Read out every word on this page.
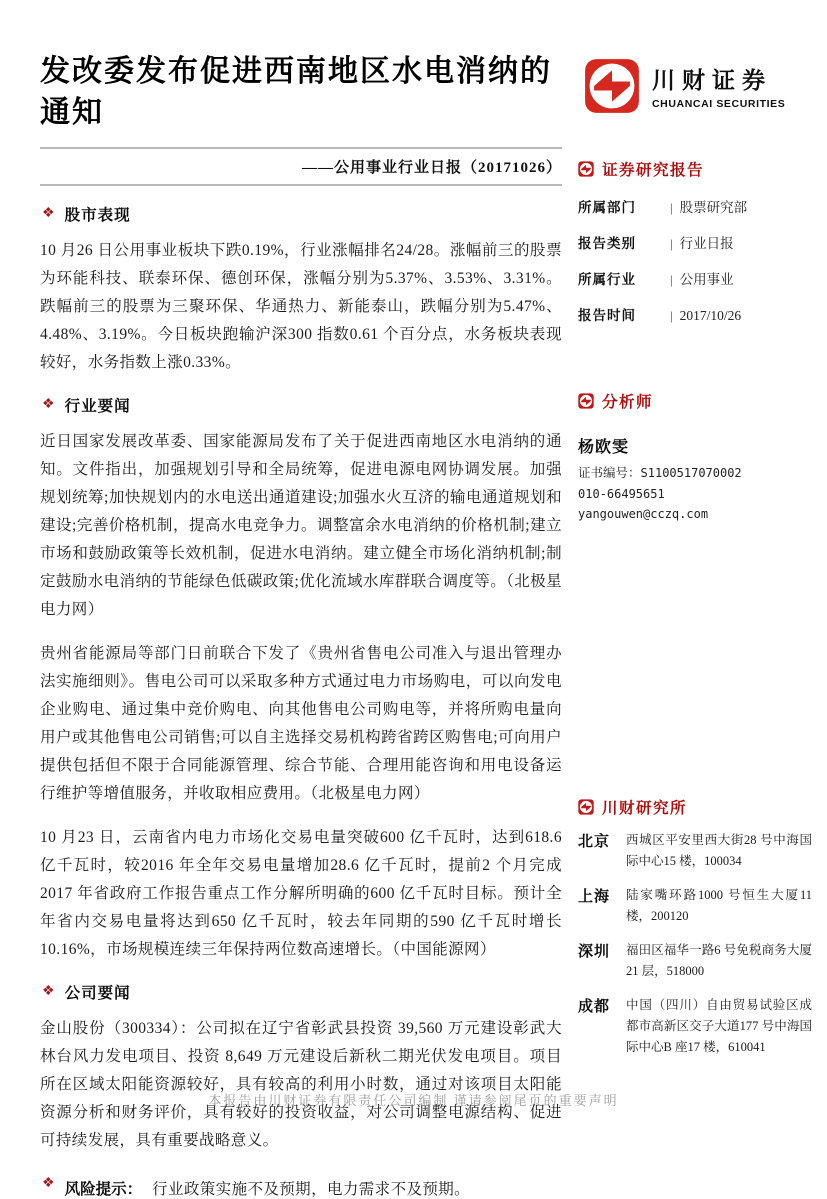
发改委发布促进西南地区水电消纳的通知
——公用事业行业日报（20171026）
❖ 股市表现

10 月26 日公用事业板块下跌0.19%，行业涨幅排名24/28。涨幅前三的股票为环能科技、联泰环保、德创环保，涨幅分别为5.37%、3.53%、3.31%。跌幅前三的股票为三聚环保、华通热力、新能泰山，跌幅分别为5.47%、4.48%、3.19%。今日板块跑输沪深300 指数0.61 个百分点，水务板块表现较好，水务指数上涨0.33%。

❖ 行业要闻

近日国家发展改革委、国家能源局发布了关于促进西南地区水电消纳的通知。文件指出，加强规划引导和全局统筹，促进电源电网协调发展。加强规划统筹;加快规划内的水电送出通道建设;加强水火互济的输电通道规划和建设;完善价格机制，提高水电竞争力。调整富余水电消纳的价格机制;建立市场和鼓励政策等长效机制，促进水电消纳。建立健全市场化消纳机制;制定鼓励水电消纳的节能绿色低碳政策;优化流域水库群联合调度等。（北极星电力网）

贵州省能源局等部门日前联合下发了《贵州省售电公司准入与退出管理办法实施细则》。售电公司可以采取多种方式通过电力市场购电，可以向发电企业购电、通过集中竞价购电、向其他售电公司购电等，并将所购电量向用户或其他售电公司销售;可以自主选择交易机构跨省跨区购售电;可向用户提供包括但不限于合同能源管理、综合节能、合理用能咨询和用电设备运行维护等增值服务，并收取相应费用。（北极星电力网）

10 月23 日，云南省内电力市场化交易电量突破600 亿千瓦时，达到618.6 亿千瓦时，较2016 年全年交易电量增加28.6 亿千瓦时，提前2 个月完成2017 年省政府工作报告重点工作分解所明确的600 亿千瓦时目标。预计全年省内交易电量将达到650 亿千瓦时，较去年同期的590 亿千瓦时增长10.16%，市场规模连续三年保持两位数高速增长。（中国能源网）

❖ 公司要闻

金山股份（300334）：公司拟在辽宁省彰武县投资 39,560 万元建设彰武大林台风力发电项目、投资 8,649 万元建设后新秋二期光伏发电项目。项目所在区域太阳能资源较好，具有较高的利用小时数，通过对该项目太阳能资源分析和财务评价，具有较好的投资收益，对公司调整电源结构、促进可持续发展，具有重要战略意义。

❖ 风险提示： 行业政策实施不及预期，电力需求不及预期。
川财证券
CHUANCAI SECURITIES
证券研究报告
所属部门	| 股票研究部
报告类别	| 行业日报
所属行业	| 公用事业
报告时间	| 2017/10/26
分析师
杨欧雯
证书编号：S1100517070002
010-66495651
yangouwen@cczq.com
川财研究所
北京	西城区平安里西大街28 号中海国际中心15 楼，100034
上海	陆家嘴环路1000 号恒生大厦11 楼，200120
深圳	福田区福华一路6 号免税商务大厦21 层，518000
成都	中国（四川）自由贸易试验区成都市高新区交子大道177 号中海国际中心B 座17 楼，610041
本报告由川财证券有限责任公司编制 谨请参阅尾页的重要声明
